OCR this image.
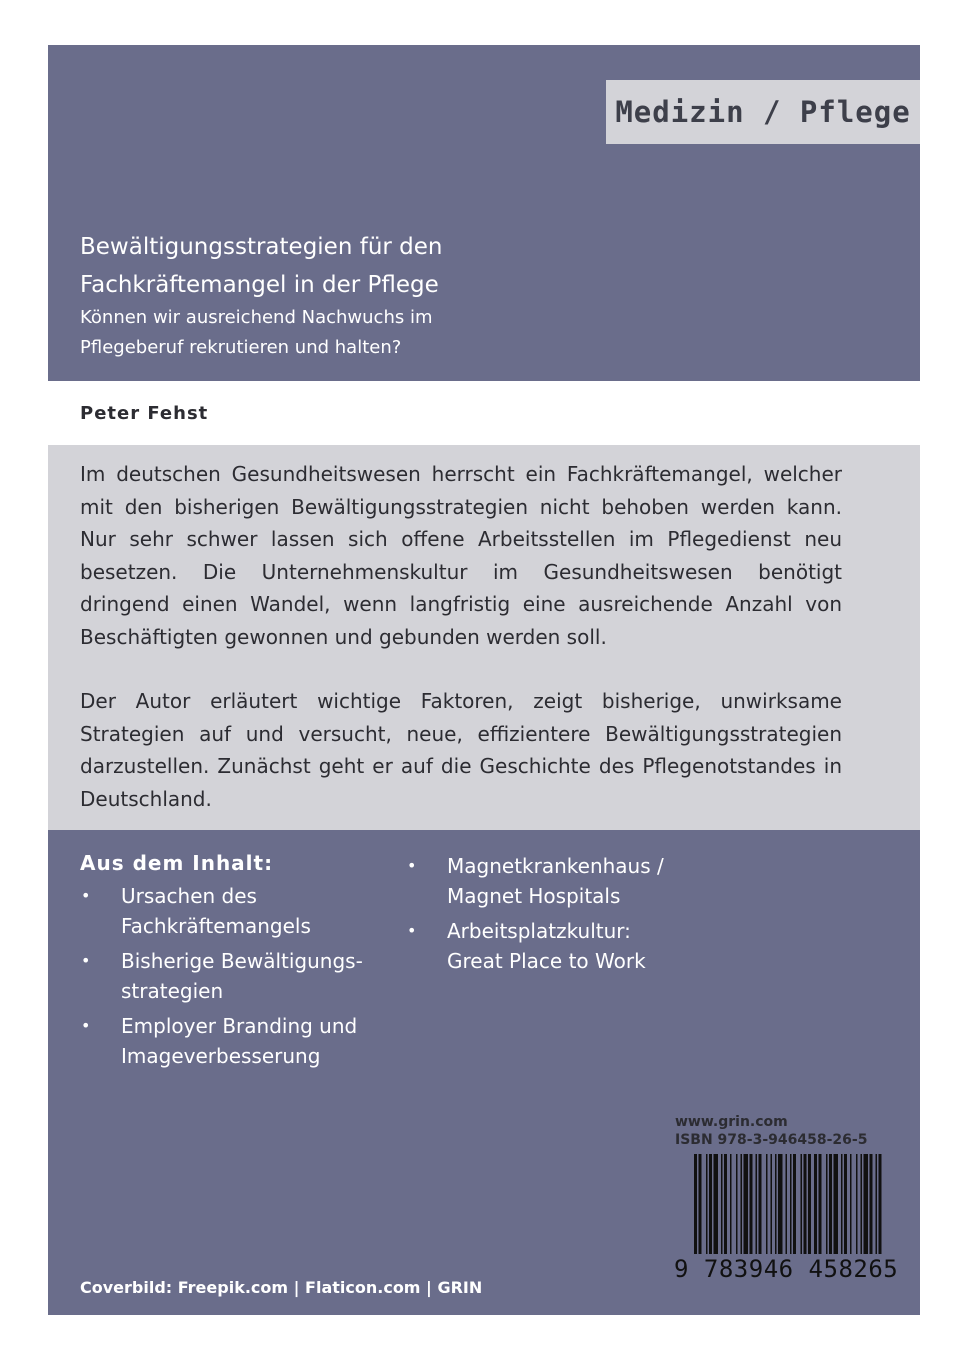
Medizin / Pflege
Bewältigungsstrategien für den
Fachkräftemangel in der Pflege
Können wir ausreichend Nachwuchs im
Pflegeberuf rekrutieren und halten?
Peter Fehst

Im deutschen Gesundheitswesen herrscht ein Fachkräftemangel, welcher mit den bisherigen Bewältigungsstrategien nicht behoben werden kann. Nur sehr schwer lassen sich offene Arbeitsstellen im Pflegedienst neu besetzen. Die Unternehmenskultur im Gesundheitswesen benötigt dringend einen Wandel, wenn langfristig eine ausreichende Anzahl von Beschäftigten gewonnen und gebunden werden soll.

Der Autor erläutert wichtige Faktoren, zeigt bisherige, unwirksame Strategien auf und versucht, neue, effizientere Bewältigungsstrategien darzustellen. Zunächst geht er auf die Geschichte des Pflegenotstandes in Deutschland.

Aus dem Inhalt:
• Ursachen des
Fachkräftemangels
• Bisherige Bewältigungs-
strategien
• Employer Branding und
Imageverbesserung
• Magnetkrankenhaus /
Magnet Hospitals
• Arbeitsplatzkultur:
Great Place to Work
www.grin.com
ISBN 978-3-946458-26-5
9 783946 458265
Coverbild: Freepik.com | Flaticon.com | GRIN
